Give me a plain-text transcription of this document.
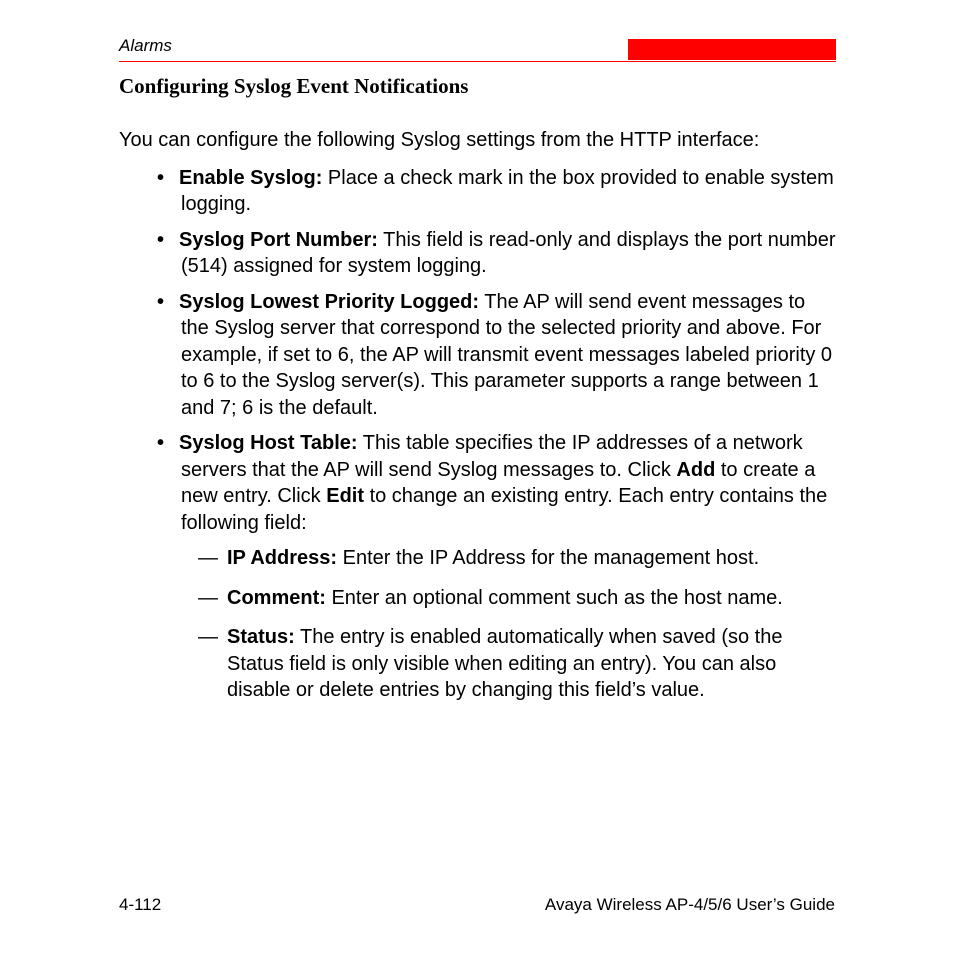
Alarms
Configuring Syslog Event Notifications

You can configure the following Syslog settings from the HTTP interface:

• Enable Syslog: Place a check mark in the box provided to enable system logging.
• Syslog Port Number: This field is read-only and displays the port number (514) assigned for system logging.
• Syslog Lowest Priority Logged: The AP will send event messages to the Syslog server that correspond to the selected priority and above. For example, if set to 6, the AP will transmit event messages labeled priority 0 to 6 to the Syslog server(s). This parameter supports a range between 1 and 7; 6 is the default.
• Syslog Host Table: This table specifies the IP addresses of a network servers that the AP will send Syslog messages to. Click Add to create a new entry. Click Edit to change an existing entry. Each entry contains the following field:
— IP Address: Enter the IP Address for the management host.
— Comment: Enter an optional comment such as the host name.
— Status: The entry is enabled automatically when saved (so the Status field is only visible when editing an entry). You can also disable or delete entries by changing this field’s value.
4-112	Avaya Wireless AP-4/5/6 User’s Guide
